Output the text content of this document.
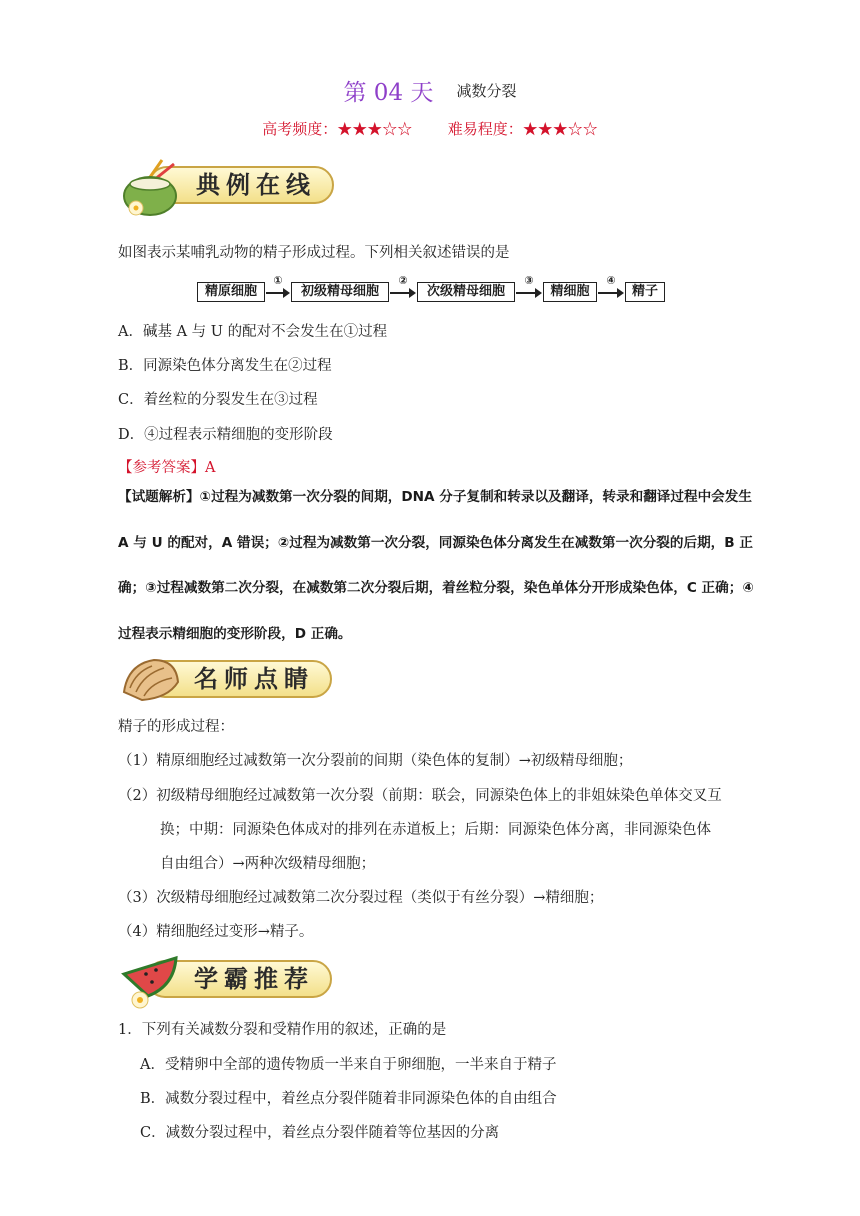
第 04 天 减数分裂
高考频度：★★★☆☆ 难易程度：★★★☆☆
典例在线
如图表示某哺乳动物的精子形成过程。下列相关叙述错误的是
精原细胞
①
初级精母细胞
②
次级精母细胞
③
精细胞
④
精子
A．碱基 A 与 U 的配对不会发生在①过程
B．同源染色体分离发生在②过程
C．着丝粒的分裂发生在③过程
D．④过程表示精细胞的变形阶段
【参考答案】A
【试题解析】①过程为减数第一次分裂的间期，DNA 分子复制和转录以及翻译，转录和翻译过程中会发生
A 与 U 的配对，A 错误；②过程为减数第一次分裂，同源染色体分离发生在减数第一次分裂的后期，B 正
确；③过程减数第二次分裂，在减数第二次分裂后期，着丝粒分裂，染色单体分开形成染色体，C 正确；④
过程表示精细胞的变形阶段，D 正确。
名师点睛
精子的形成过程：
（1）精原细胞经过减数第一次分裂前的间期（染色体的复制）→初级精母细胞；
（2）初级精母细胞经过减数第一次分裂（前期：联会，同源染色体上的非姐妹染色单体交叉互
换；中期：同源染色体成对的排列在赤道板上；后期：同源染色体分离，非同源染色体
自由组合）→两种次级精母细胞；
（3）次级精母细胞经过减数第二次分裂过程（类似于有丝分裂）→精细胞；
（4）精细胞经过变形→精子。
学霸推荐
1．下列有关减数分裂和受精作用的叙述，正确的是
A．受精卵中全部的遗传物质一半来自于卵细胞，一半来自于精子
B．减数分裂过程中，着丝点分裂伴随着非同源染色体的自由组合
C．减数分裂过程中，着丝点分裂伴随着等位基因的分离
